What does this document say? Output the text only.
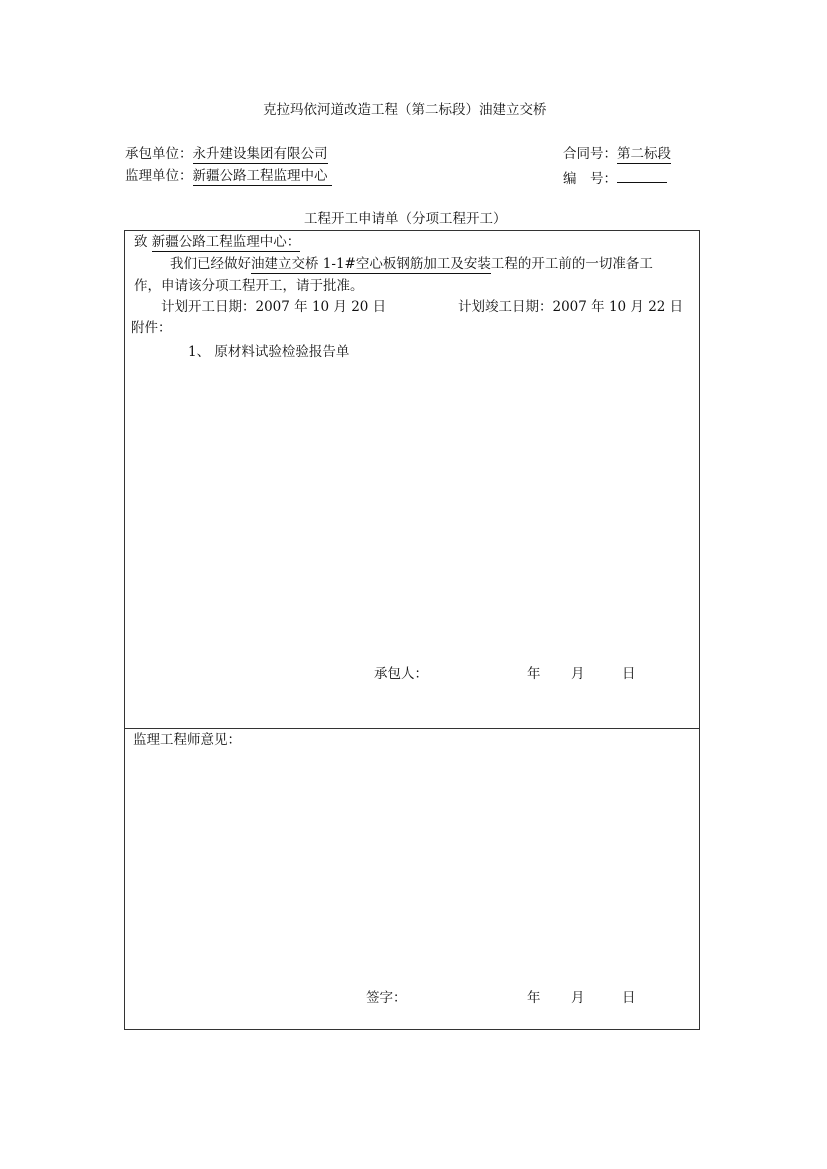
克拉玛依河道改造工程（第二标段）油建立交桥
承包单位：永升建设集团有限公司	合同号：第二标段
监理单位：新疆公路工程监理中心	编　号：
工程开工申请单（分项工程开工）
致 新疆公路工程监理中心：
我们已经做好油建立交桥 1-1#空心板钢筋加工及安装工程的开工前的一切准备工
作，申请该分项工程开工，请于批准。
计划开工日期：2007 年 10 月 20 日	计划竣工日期：2007 年 10 月 22 日
附件：
1、 原材料试验检验报告单
承包人：	年 月	日
监理工程师意见：
签字：	年 月	日
